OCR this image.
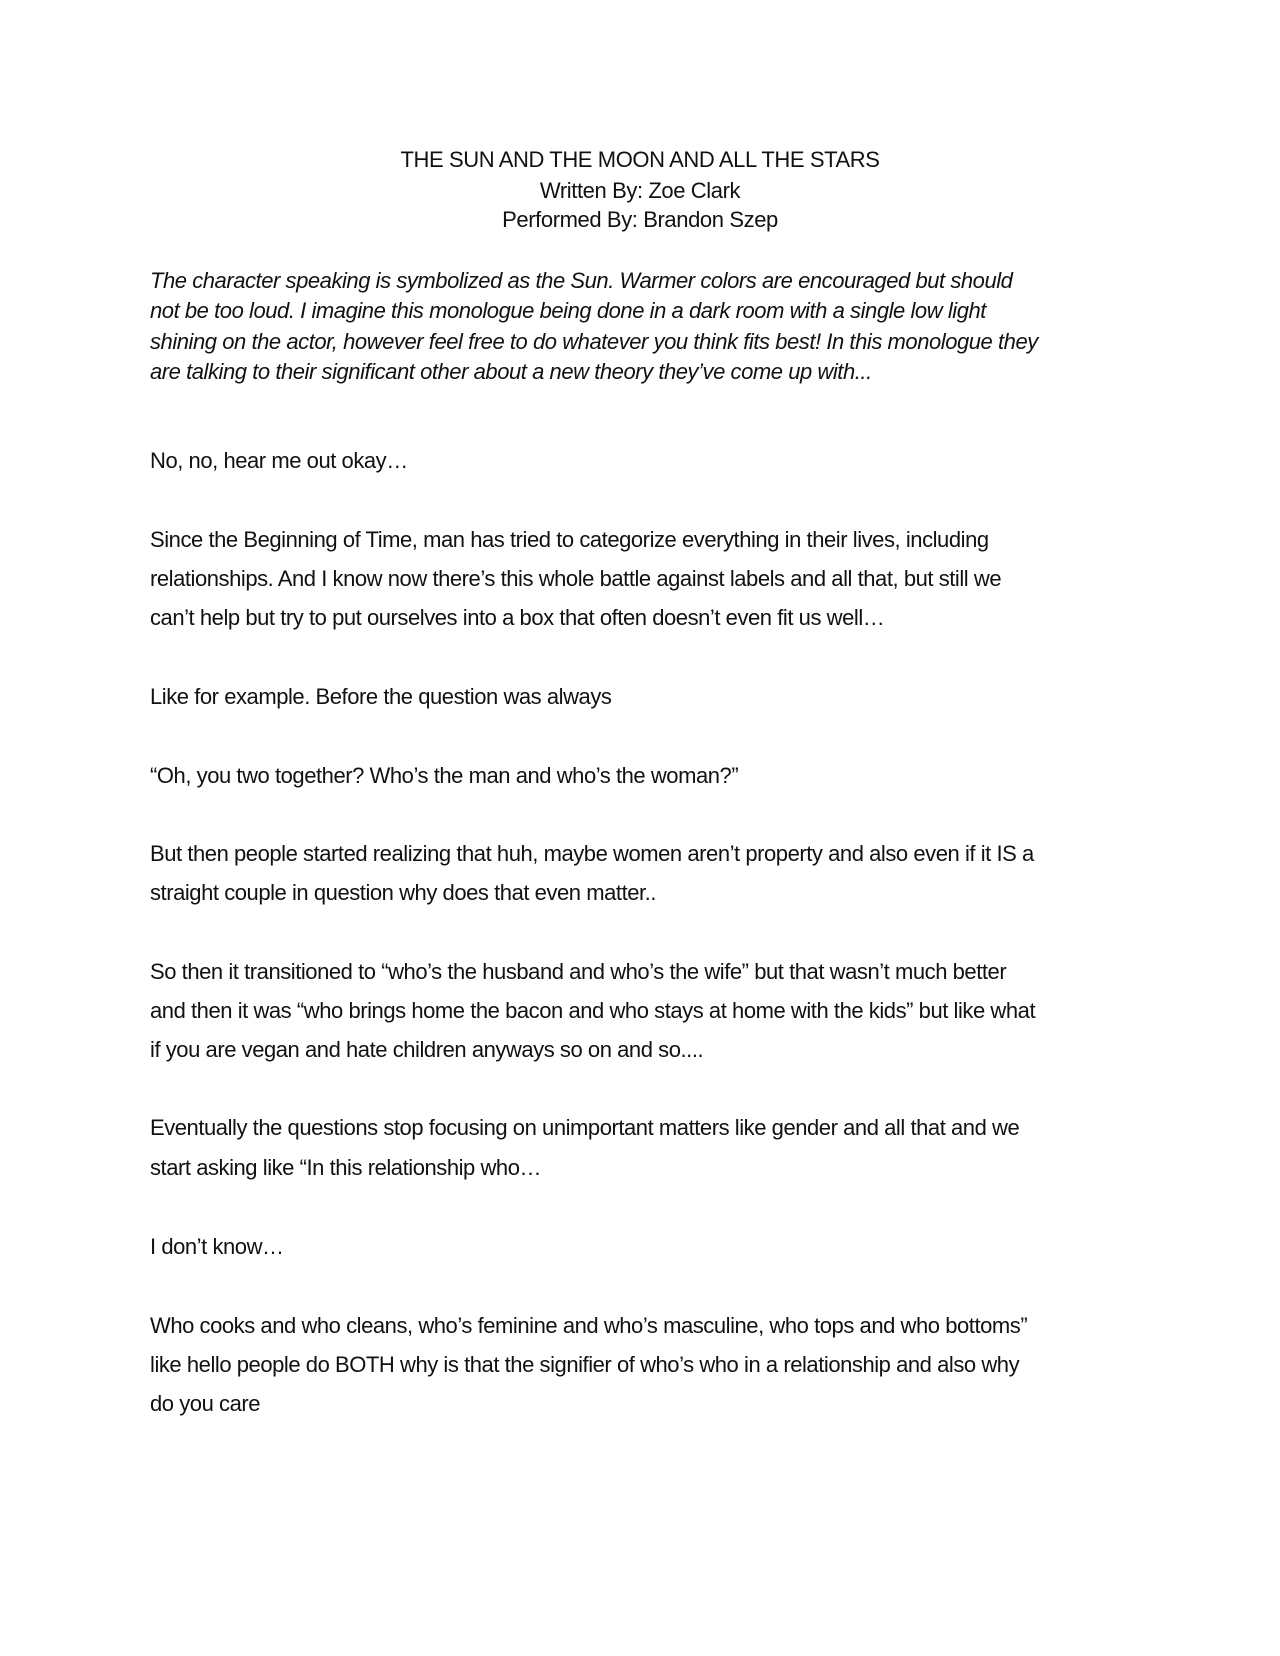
THE SUN AND THE MOON AND ALL THE STARS
Written By: Zoe Clark
Performed By: Brandon Szep
The character speaking is symbolized as the Sun. Warmer colors are encouraged but should
not be too loud. I imagine this monologue being done in a dark room with a single low light
shining on the actor, however feel free to do whatever you think fits best! In this monologue they
are talking to their significant other about a new theory they’ve come up with...
No, no, hear me out okay…
Since the Beginning of Time, man has tried to categorize everything in their lives, including
relationships. And I know now there’s this whole battle against labels and all that, but still we
can’t help but try to put ourselves into a box that often doesn’t even fit us well…
Like for example. Before the question was always
“Oh, you two together? Who’s the man and who’s the woman?”
But then people started realizing that huh, maybe women aren’t property and also even if it IS a
straight couple in question why does that even matter..
So then it transitioned to “who’s the husband and who’s the wife” but that wasn’t much better
and then it was “who brings home the bacon and who stays at home with the kids” but like what
if you are vegan and hate children anyways so on and so....
Eventually the questions stop focusing on unimportant matters like gender and all that and we
start asking like “In this relationship who…
I don’t know…
Who cooks and who cleans, who’s feminine and who’s masculine, who tops and who bottoms”
like hello people do BOTH why is that the signifier of who’s who in a relationship and also why
do you care
